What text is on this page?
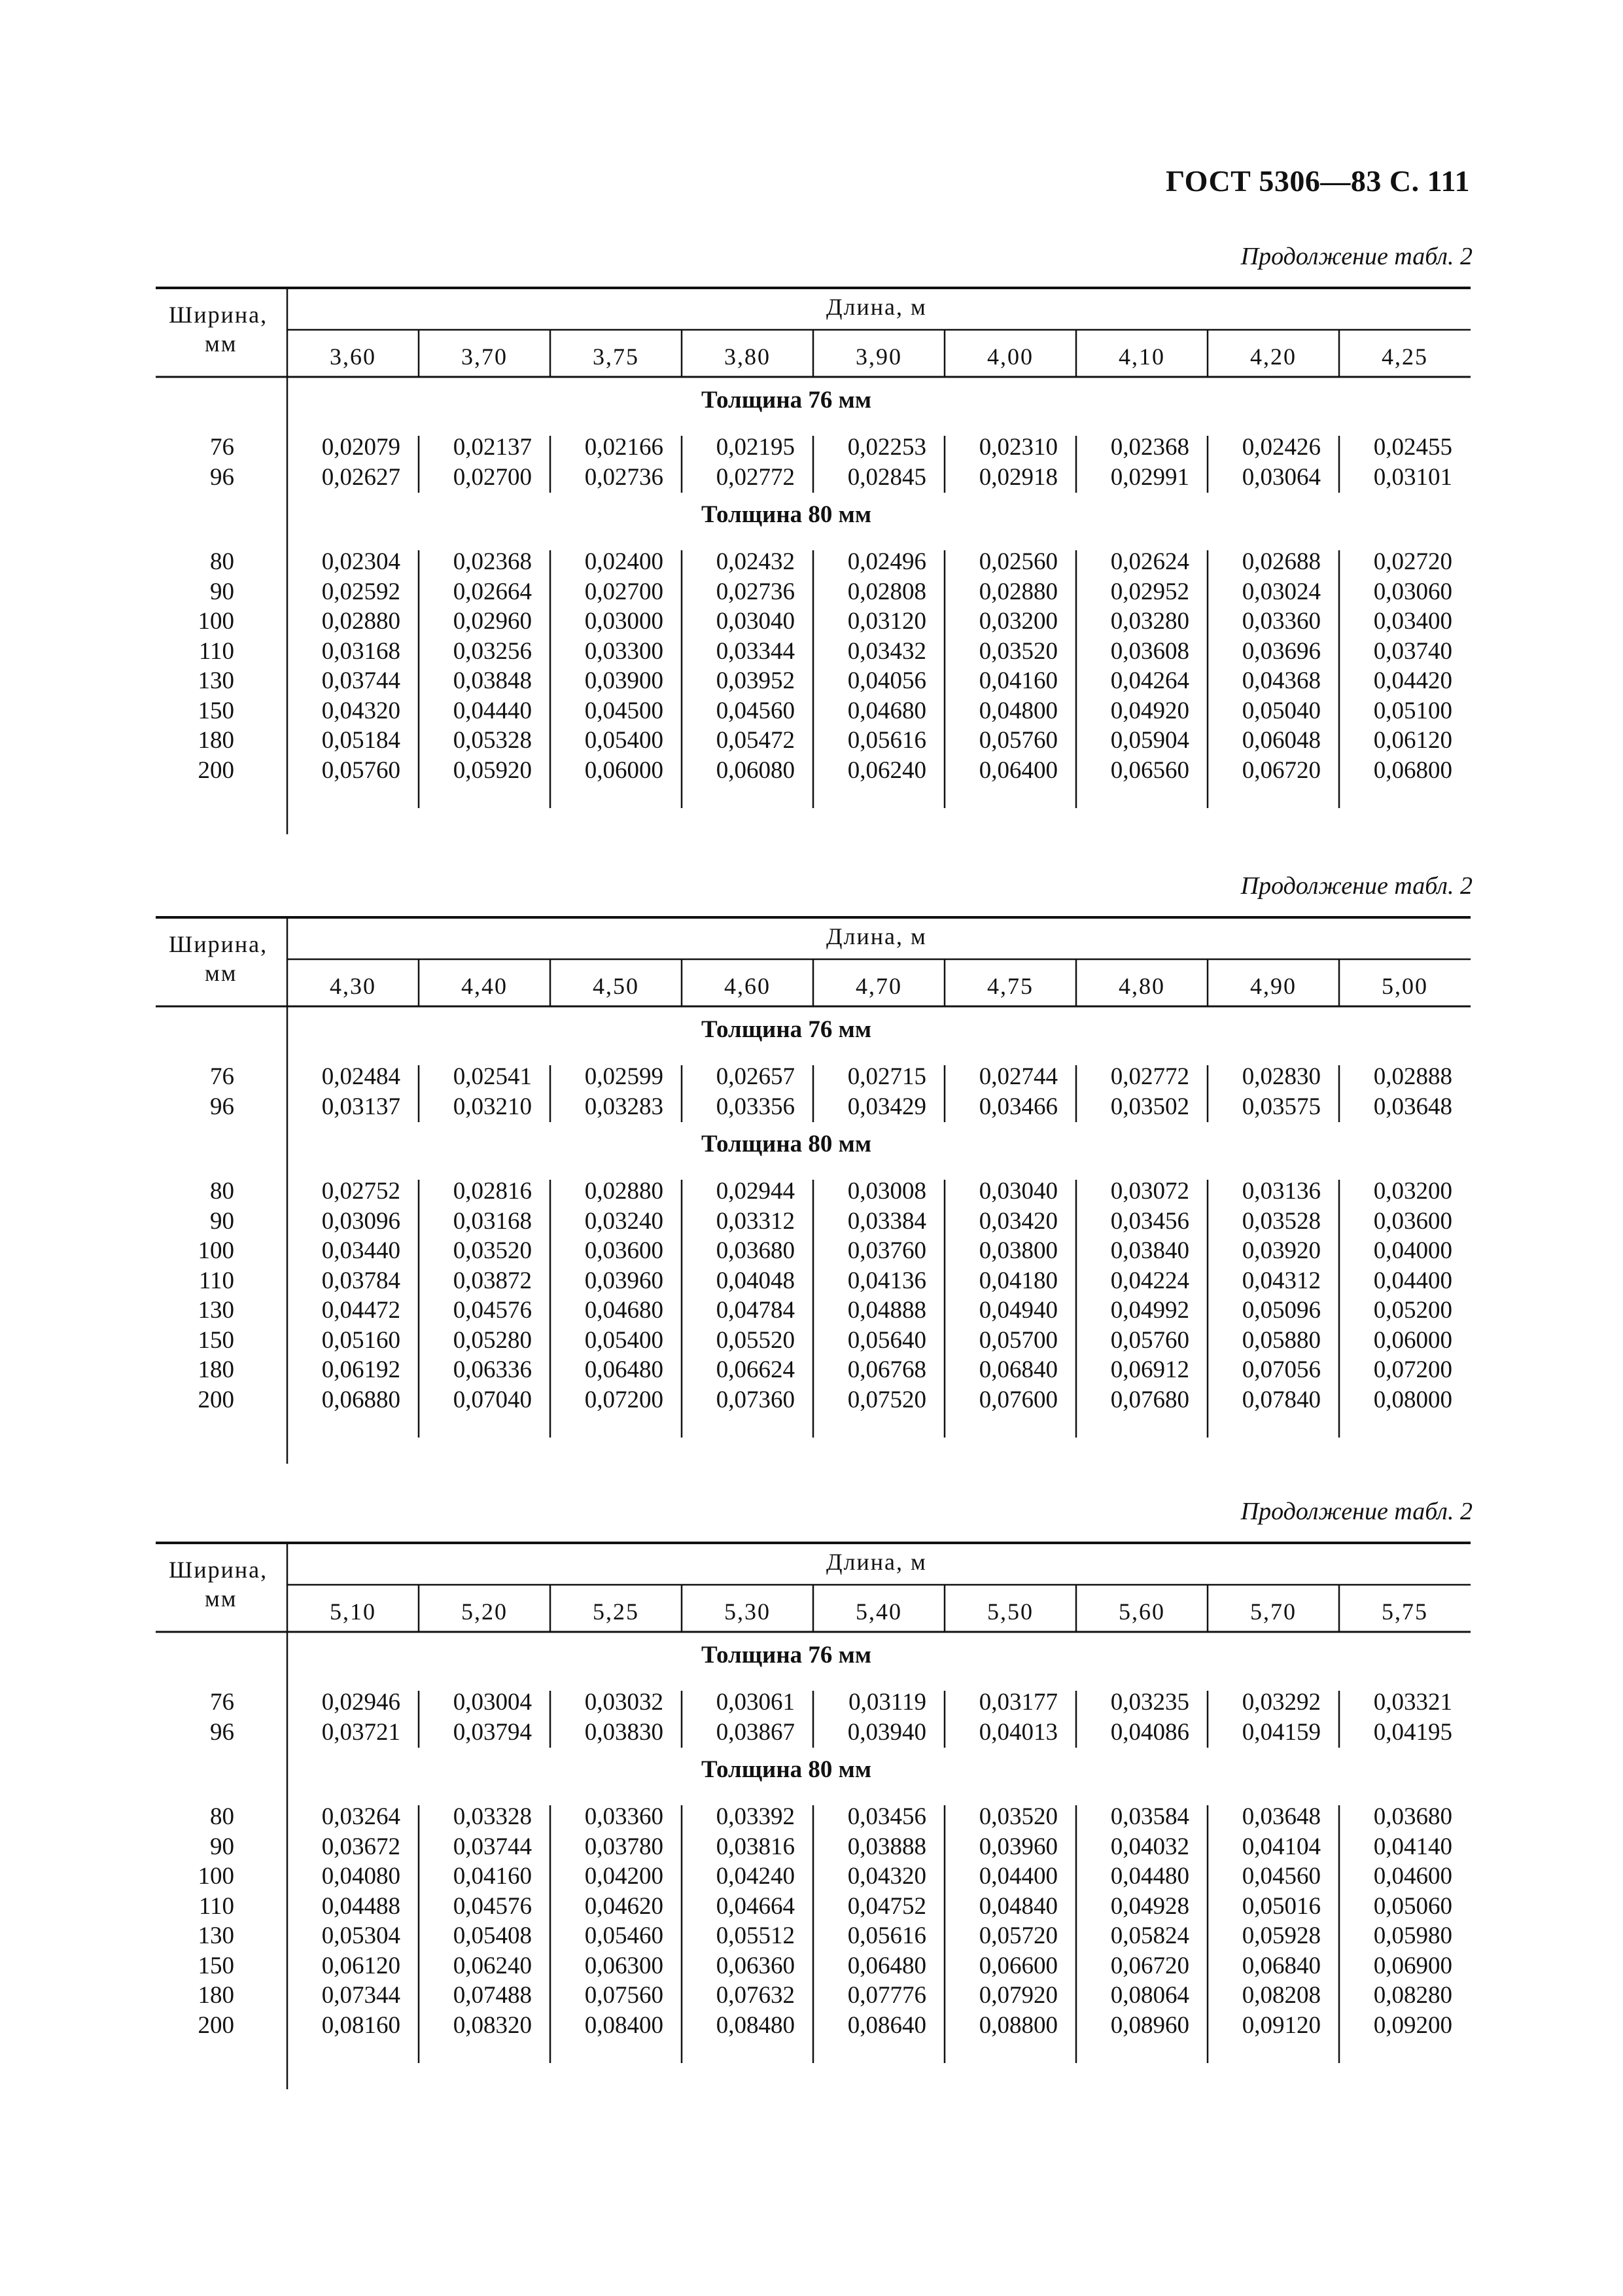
ГОСТ 5306—83 С. 111
Продолжение табл. 2
Ширина,
мм
Длина, м
3,60	3,70	3,75	3,80	3,90	4,00	4,10	4,20	4,25
Толщина 76 мм
76	0,02079	0,02137	0,02166	0,02195	0,02253	0,02310	0,02368	0,02426	0,02455
96	0,02627	0,02700	0,02736	0,02772	0,02845	0,02918	0,02991	0,03064	0,03101
Толщина 80 мм
80	0,02304	0,02368	0,02400	0,02432	0,02496	0,02560	0,02624	0,02688	0,02720
90	0,02592	0,02664	0,02700	0,02736	0,02808	0,02880	0,02952	0,03024	0,03060
100	0,02880	0,02960	0,03000	0,03040	0,03120	0,03200	0,03280	0,03360	0,03400
110	0,03168	0,03256	0,03300	0,03344	0,03432	0,03520	0,03608	0,03696	0,03740
130	0,03744	0,03848	0,03900	0,03952	0,04056	0,04160	0,04264	0,04368	0,04420
150	0,04320	0,04440	0,04500	0,04560	0,04680	0,04800	0,04920	0,05040	0,05100
180	0,05184	0,05328	0,05400	0,05472	0,05616	0,05760	0,05904	0,06048	0,06120
200	0,05760	0,05920	0,06000	0,06080	0,06240	0,06400	0,06560	0,06720	0,06800
Продолжение табл. 2
Ширина,
мм
Длина, м
4,30	4,40	4,50	4,60	4,70	4,75	4,80	4,90	5,00
Толщина 76 мм
76	0,02484	0,02541	0,02599	0,02657	0,02715	0,02744	0,02772	0,02830	0,02888
96	0,03137	0,03210	0,03283	0,03356	0,03429	0,03466	0,03502	0,03575	0,03648
Толщина 80 мм
80	0,02752	0,02816	0,02880	0,02944	0,03008	0,03040	0,03072	0,03136	0,03200
90	0,03096	0,03168	0,03240	0,03312	0,03384	0,03420	0,03456	0,03528	0,03600
100	0,03440	0,03520	0,03600	0,03680	0,03760	0,03800	0,03840	0,03920	0,04000
110	0,03784	0,03872	0,03960	0,04048	0,04136	0,04180	0,04224	0,04312	0,04400
130	0,04472	0,04576	0,04680	0,04784	0,04888	0,04940	0,04992	0,05096	0,05200
150	0,05160	0,05280	0,05400	0,05520	0,05640	0,05700	0,05760	0,05880	0,06000
180	0,06192	0,06336	0,06480	0,06624	0,06768	0,06840	0,06912	0,07056	0,07200
200	0,06880	0,07040	0,07200	0,07360	0,07520	0,07600	0,07680	0,07840	0,08000
Продолжение табл. 2
Ширина,
мм
Длина, м
5,10	5,20	5,25	5,30	5,40	5,50	5,60	5,70	5,75
Толщина 76 мм
76	0,02946	0,03004	0,03032	0,03061	0,03119	0,03177	0,03235	0,03292	0,03321
96	0,03721	0,03794	0,03830	0,03867	0,03940	0,04013	0,04086	0,04159	0,04195
Толщина 80 мм
80	0,03264	0,03328	0,03360	0,03392	0,03456	0,03520	0,03584	0,03648	0,03680
90	0,03672	0,03744	0,03780	0,03816	0,03888	0,03960	0,04032	0,04104	0,04140
100	0,04080	0,04160	0,04200	0,04240	0,04320	0,04400	0,04480	0,04560	0,04600
110	0,04488	0,04576	0,04620	0,04664	0,04752	0,04840	0,04928	0,05016	0,05060
130	0,05304	0,05408	0,05460	0,05512	0,05616	0,05720	0,05824	0,05928	0,05980
150	0,06120	0,06240	0,06300	0,06360	0,06480	0,06600	0,06720	0,06840	0,06900
180	0,07344	0,07488	0,07560	0,07632	0,07776	0,07920	0,08064	0,08208	0,08280
200	0,08160	0,08320	0,08400	0,08480	0,08640	0,08800	0,08960	0,09120	0,09200
